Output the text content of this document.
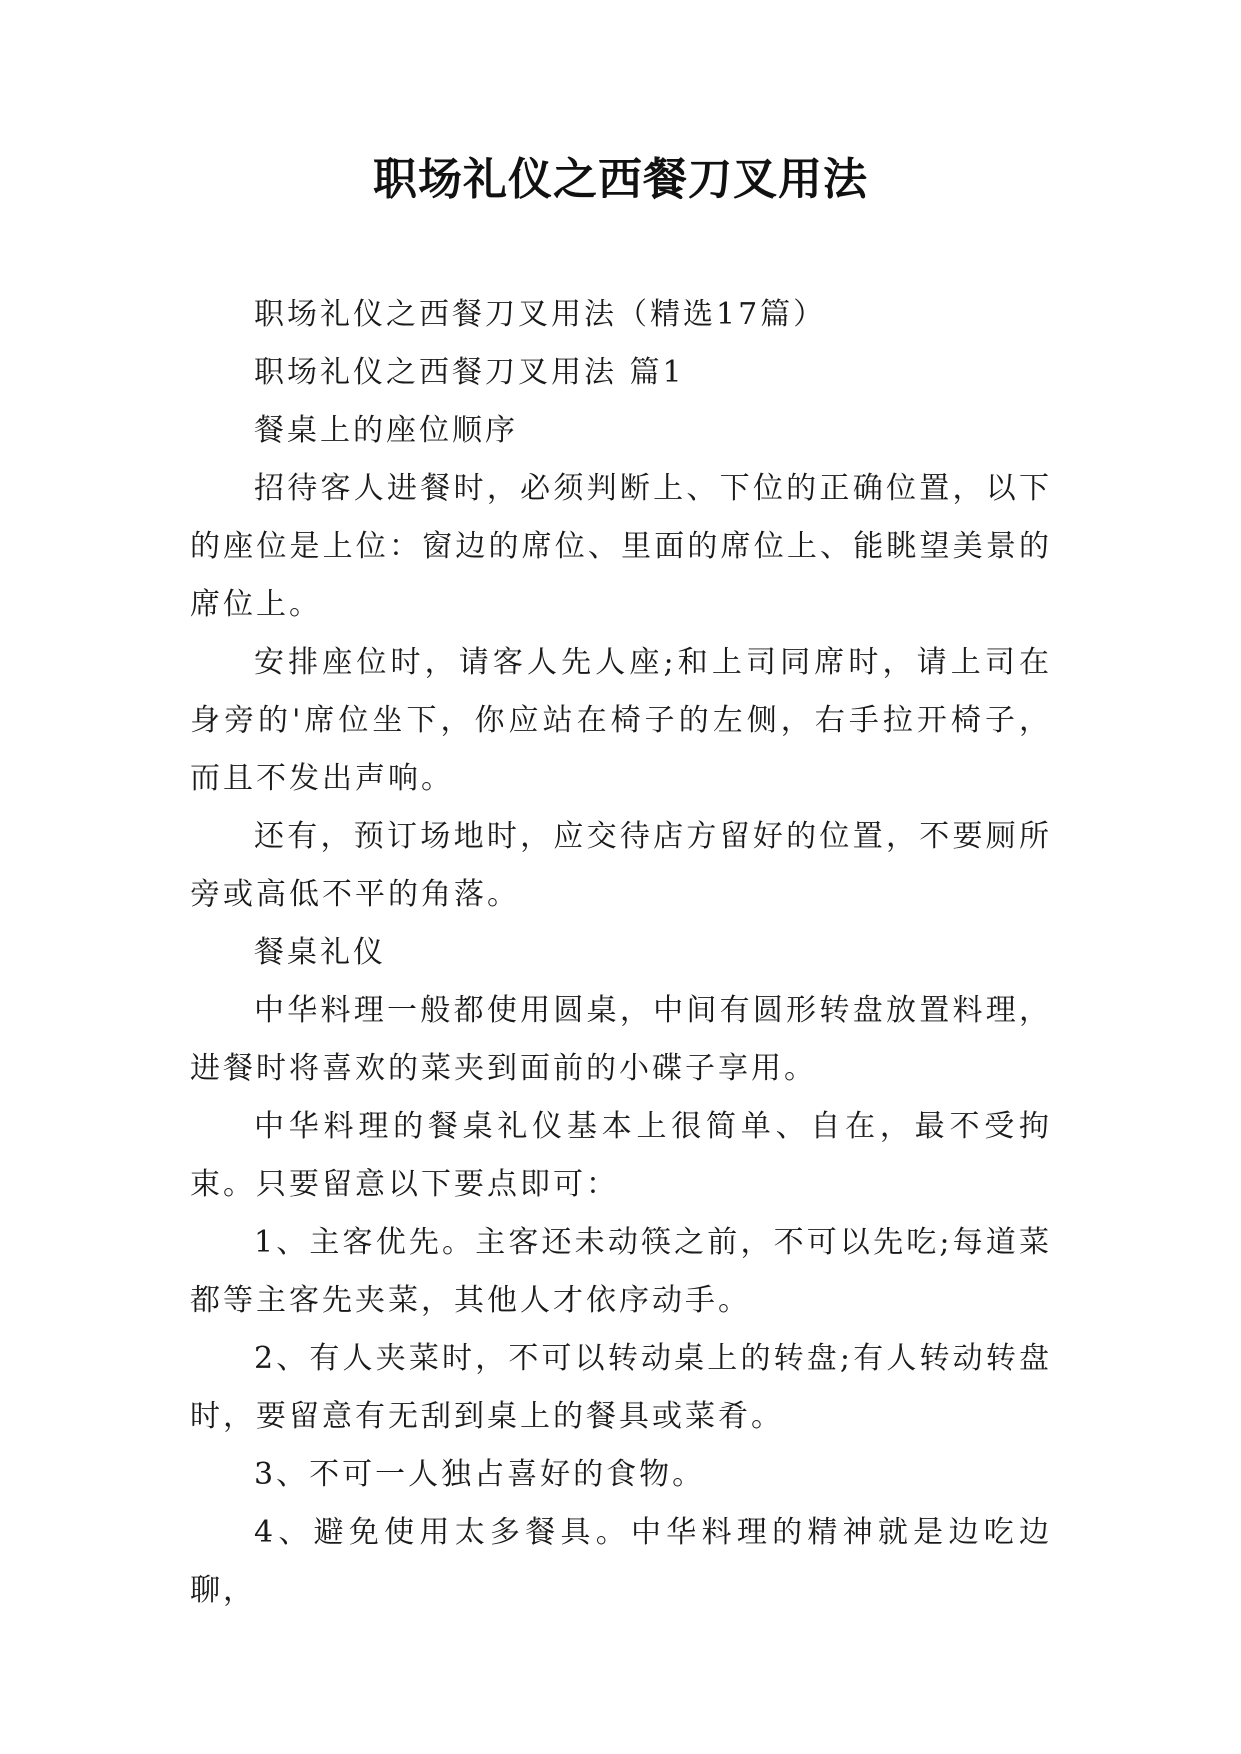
职场礼仪之西餐刀叉用法

职场礼仪之西餐刀叉用法（精选17篇）

职场礼仪之西餐刀叉用法 篇1

餐桌上的座位顺序

招待客人进餐时，必须判断上、下位的正确位置，以下的座位是上位：窗边的席位、里面的席位上、能眺望美景的席位上。

安排座位时，请客人先人座;和上司同席时，请上司在身旁的'席位坐下，你应站在椅子的左侧，右手拉开椅子，而且不发出声响。

还有，预订场地时，应交待店方留好的位置，不要厕所旁或高低不平的角落。

餐桌礼仪

中华料理一般都使用圆桌，中间有圆形转盘放置料理，进餐时将喜欢的菜夹到面前的小碟子享用。

中华料理的餐桌礼仪基本上很简单、自在，最不受拘束。只要留意以下要点即可：

1、主客优先。主客还未动筷之前，不可以先吃;每道菜都等主客先夹菜，其他人才依序动手。

2、有人夹菜时，不可以转动桌上的转盘;有人转动转盘时，要留意有无刮到桌上的餐具或菜肴。

3、不可一人独占喜好的食物。

4、避免使用太多餐具。中华料理的精神就是边吃边聊，
